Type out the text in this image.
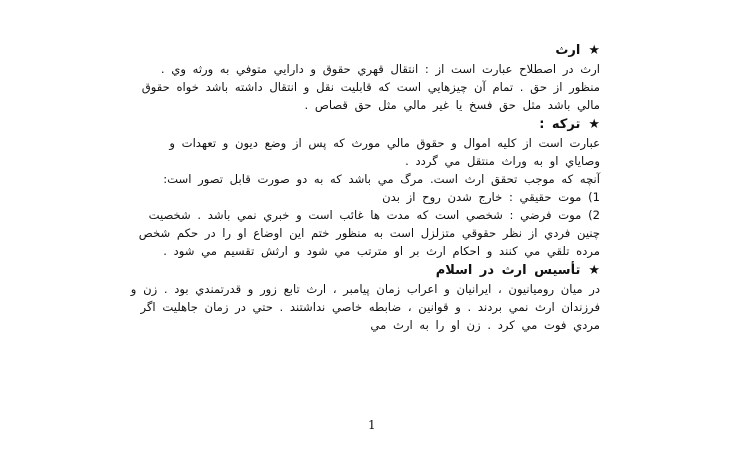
★ارث

ارث در اصطلاح عبارت است از : انتقال قهري حقوق و دارايي متوفي به ورثه وي .

منظور از حق . تمام آن چيزهايي است كه قابليت نقل و انتقال داشته باشد خواه حقوق مالي باشد مثل حق فسخ يا غير مالي مثل حق قصاص .

★تركه :

عبارت است از كليه اموال و حقوق مالي مورث كه پس از وضع ديون و تعهدات و وصاياي او به وراث منتقل مي گردد .

آنچه كه موجب تحقق ارث است. مرگ مي باشد كه به دو صورت قابل تصور است:

1) موت حقيقي : خارج شدن روح از بدن

2) موت فرضي : شخصي است كه مدت ها غائب است و خبري نمي باشد . شخصيت چنين فردي از نظر حقوقي متزلزل است به منظور ختم اين اوضاع او را در حكم شخص مرده تلقي مي كنند و احكام ارث بر او مترتب مي شود و ارثش تقسيم مي شود .

★تأسيس ارث در اسلام

در ميان روميانيون ، ايرانيان و اعراب زمان پيامبر ، ارث تابع زور و قدرتمندي بود . زن و فرزندان ارث نمي بردند . و قوانين ، ضابطه خاصي نداشتند . حتي در زمان جاهليت اگر مردي فوت مي كرد . زن او را به ارث مي

1
